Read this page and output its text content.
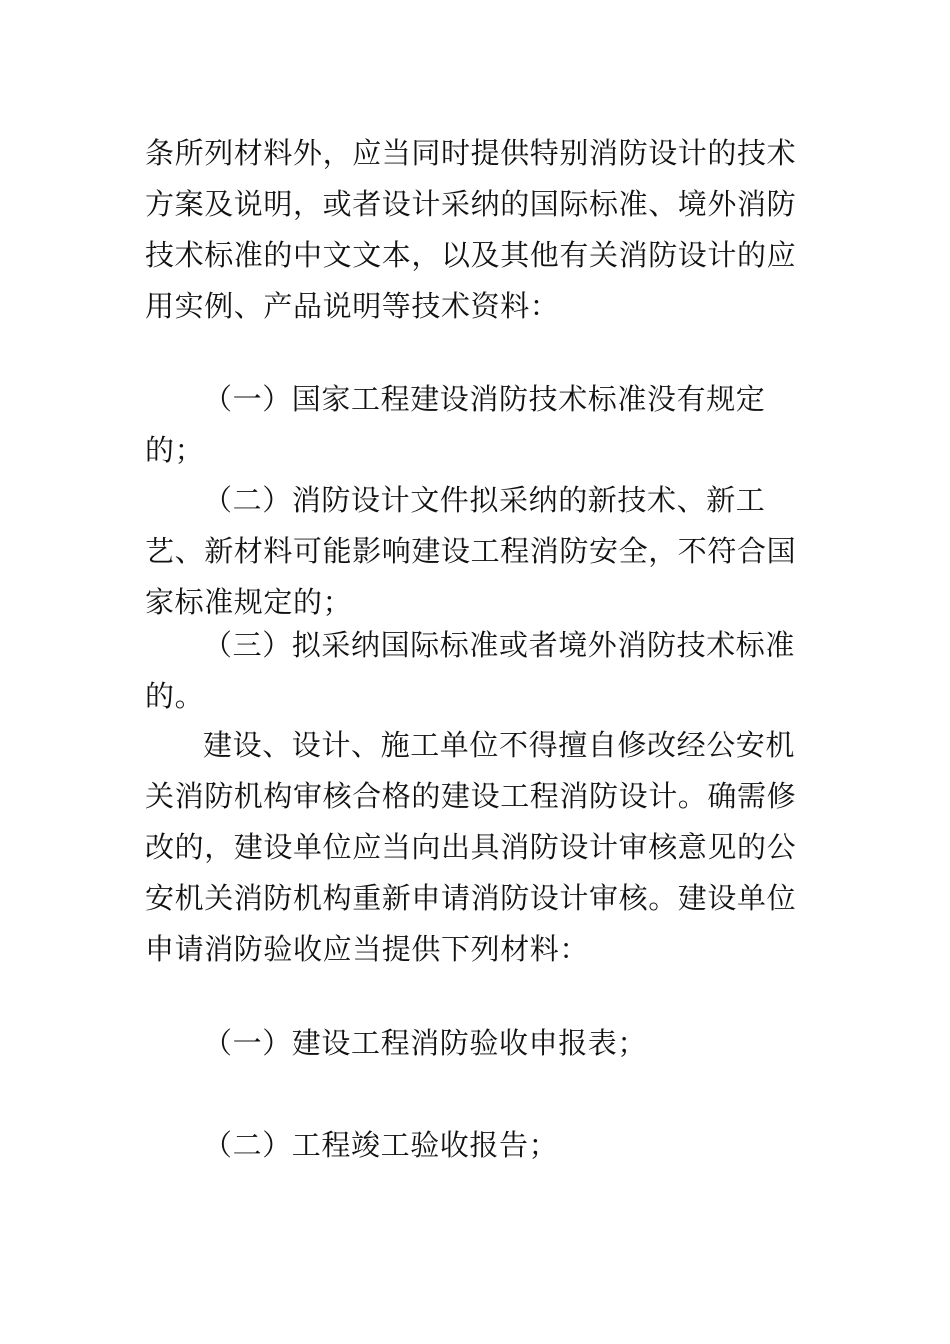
条所列材料外，应当同时提供特别消防设计的技术方案及说明，或者设计采纳的国际标准、境外消防技术标准的中文文本，以及其他有关消防设计的应用实例、产品说明等技术资料：

（一）国家工程建设消防技术标准没有规定的；

（二）消防设计文件拟采纳的新技术、新工艺、新材料可能影响建设工程消防安全，不符合国家标准规定的；

（三）拟采纳国际标准或者境外消防技术标准的。

建设、设计、施工单位不得擅自修改经公安机关消防机构审核合格的建设工程消防设计。确需修改的，建设单位应当向出具消防设计审核意见的公安机关消防机构重新申请消防设计审核。建设单位申请消防验收应当提供下列材料：

（一）建设工程消防验收申报表；

（二）工程竣工验收报告；
